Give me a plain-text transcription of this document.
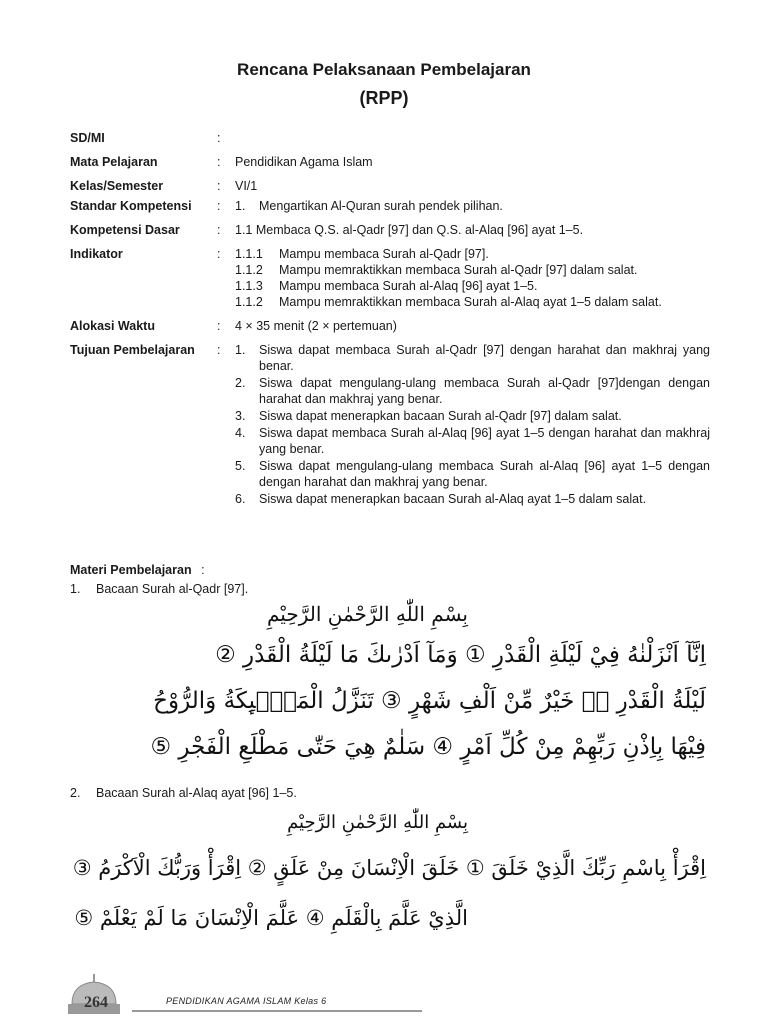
Rencana Pelaksanaan Pembelajaran
(RPP)
SD/MI	:
Mata Pelajaran	:	Pendidikan Agama Islam
Kelas/Semester	:	VI/1
Standar Kompetensi	:	1.	Mengartikan Al-Quran surah pendek pilihan.
Kompetensi Dasar	:	1.1 Membaca Q.S. al-Qadr [97] dan Q.S. al-Alaq [96] ayat 1–5.
Indikator	:	1.1.1	Mampu membaca Surah al-Qadr [97].
1.1.2	Mampu memraktikkan membaca Surah al-Qadr [97] dalam salat.
1.1.3	Mampu membaca Surah al-Alaq [96] ayat 1–5.
1.1.2	Mampu memraktikkan membaca Surah al-Alaq ayat 1–5 dalam salat.
Alokasi Waktu	:	4 × 35 menit (2 × pertemuan)
Tujuan Pembelajaran	:	1.	Siswa dapat membaca Surah al-Qadr [97] dengan harahat dan makhraj yang benar.
2.	Siswa dapat mengulang-ulang membaca Surah al-Qadr [97]dengan dengan harahat dan makhraj yang benar.
3.	Siswa dapat menerapkan bacaan Surah al-Qadr [97] dalam salat.
4.	Siswa dapat membaca Surah al-Alaq [96] ayat 1–5 dengan harahat dan makhraj yang benar.
5.	Siswa dapat mengulang-ulang membaca Surah al-Alaq [96] ayat 1–5 dengan dengan harahat dan makhraj yang benar.
6.	Siswa dapat menerapkan bacaan Surah al-Alaq ayat 1–5 dalam salat.
Materi Pembelajaran :
1. Bacaan Surah al-Qadr [97].
بِسْمِ اللّٰهِ الرَّحْمٰنِ الرَّحِيْمِ
اِنَّآ اَنْزَلْنٰهُ فِيْ لَيْلَةِ الْقَدْرِ ① وَمَآ اَدْرٰىكَ مَا لَيْلَةُ الْقَدْرِ ②
لَيْلَةُ الْقَدْرِ ەۙ خَيْرٌ مِّنْ اَلْفِ شَهْرٍ ③ تَنَزَّلُ الْمَلٰۤىِٕكَةُ وَالرُّوْحُ
فِيْهَا بِاِذْنِ رَبِّهِمْ مِنْ كُلِّ اَمْرٍ ④ سَلٰمٌ هِيَ حَتّٰى مَطْلَعِ الْفَجْرِ ⑤
2. Bacaan Surah al-Alaq ayat [96] 1–5.
بِسْمِ اللّٰهِ الرَّحْمٰنِ الرَّحِيْمِ
اِقْرَأْ بِاسْمِ رَبِّكَ الَّذِيْ خَلَقَ ① خَلَقَ الْاِنْسَانَ مِنْ عَلَقٍ ② اِقْرَأْ وَرَبُّكَ الْاَكْرَمُ ③
الَّذِيْ عَلَّمَ بِالْقَلَمِ ④ عَلَّمَ الْاِنْسَانَ مَا لَمْ يَعْلَمْ ⑤
264	PENDIDIKAN AGAMA ISLAM Kelas 6
